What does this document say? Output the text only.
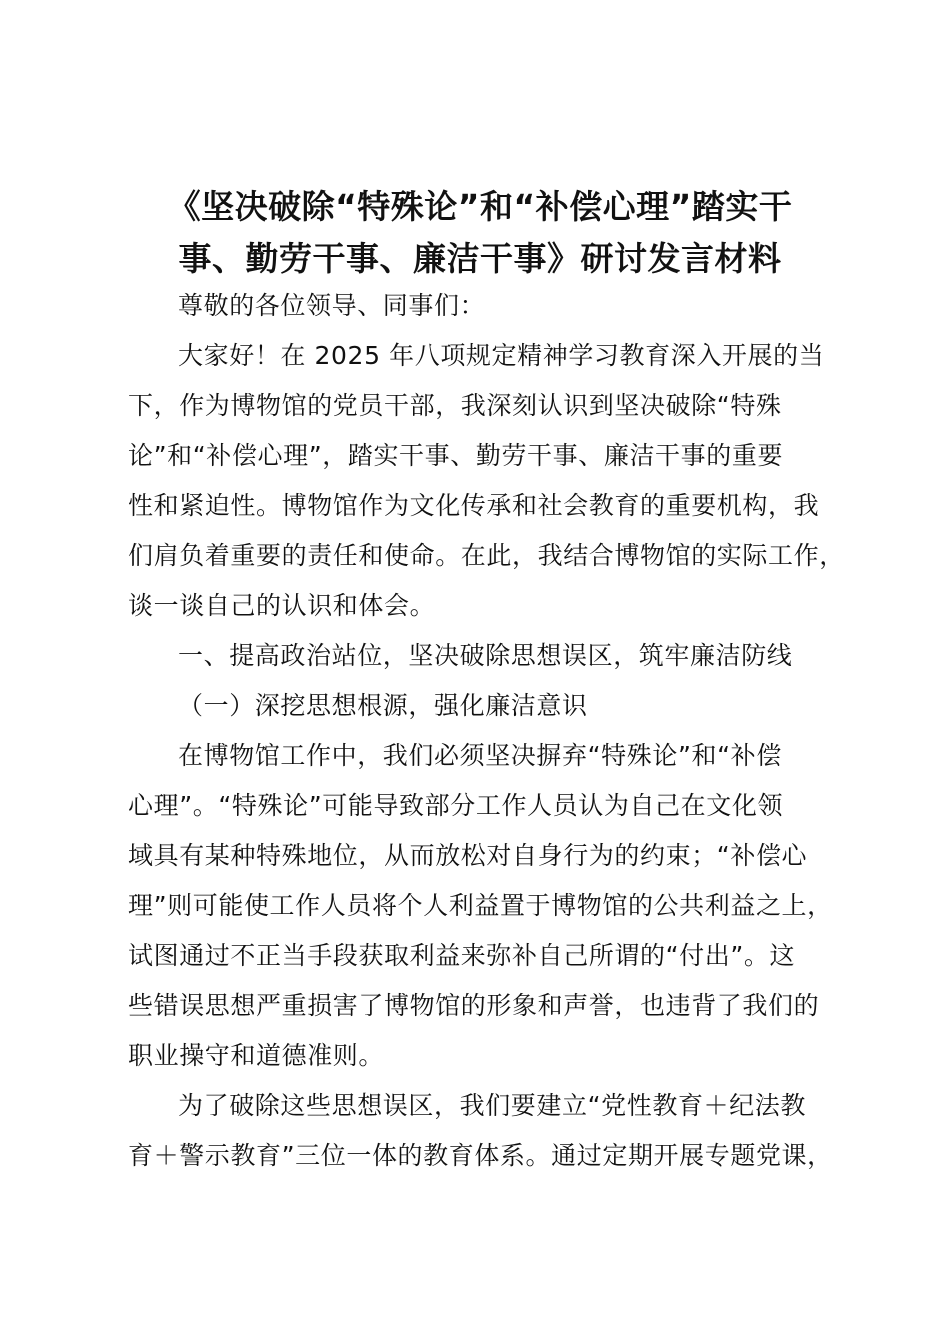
《坚决破除“特殊论”和“补偿心理”踏实干
事、勤劳干事、廉洁干事》研讨发言材料
尊敬的各位领导、同事们：
大家好！在 2025 年八项规定精神学习教育深入开展的当
下，作为博物馆的党员干部，我深刻认识到坚决破除“特殊
论”和“补偿心理”，踏实干事、勤劳干事、廉洁干事的重要
性和紧迫性。博物馆作为文化传承和社会教育的重要机构，我
们肩负着重要的责任和使命。在此，我结合博物馆的实际工作，
谈一谈自己的认识和体会。
一、提高政治站位，坚决破除思想误区，筑牢廉洁防线
（一）深挖思想根源，强化廉洁意识
在博物馆工作中，我们必须坚决摒弃“特殊论”和“补偿
心理”。“特殊论”可能导致部分工作人员认为自己在文化领
域具有某种特殊地位，从而放松对自身行为的约束；“补偿心
理”则可能使工作人员将个人利益置于博物馆的公共利益之上，
试图通过不正当手段获取利益来弥补自己所谓的“付出”。这
些错误思想严重损害了博物馆的形象和声誉，也违背了我们的
职业操守和道德准则。
为了破除这些思想误区，我们要建立“党性教育＋纪法教
育＋警示教育”三位一体的教育体系。通过定期开展专题党课，
